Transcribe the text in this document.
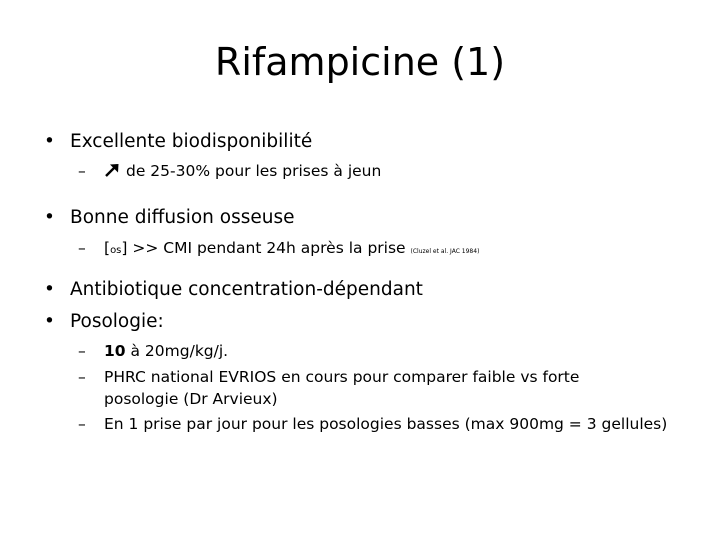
Rifampicine (1)
• Excellente biodisponibilité
–	de 25-30% pour les prises à jeun
• Bonne diffusion osseuse
– [os] >> CMI pendant 24h après la prise (Cluzel et al. JAC 1984)
• Antibiotique concentration-dépendant
• Posologie:
– 10 à 20mg/kg/j.
– PHRC national EVRIOS en cours pour comparer faible vs forte
posologie (Dr Arvieux)
– En 1 prise par jour pour les posologies basses (max 900mg = 3 gellules)
